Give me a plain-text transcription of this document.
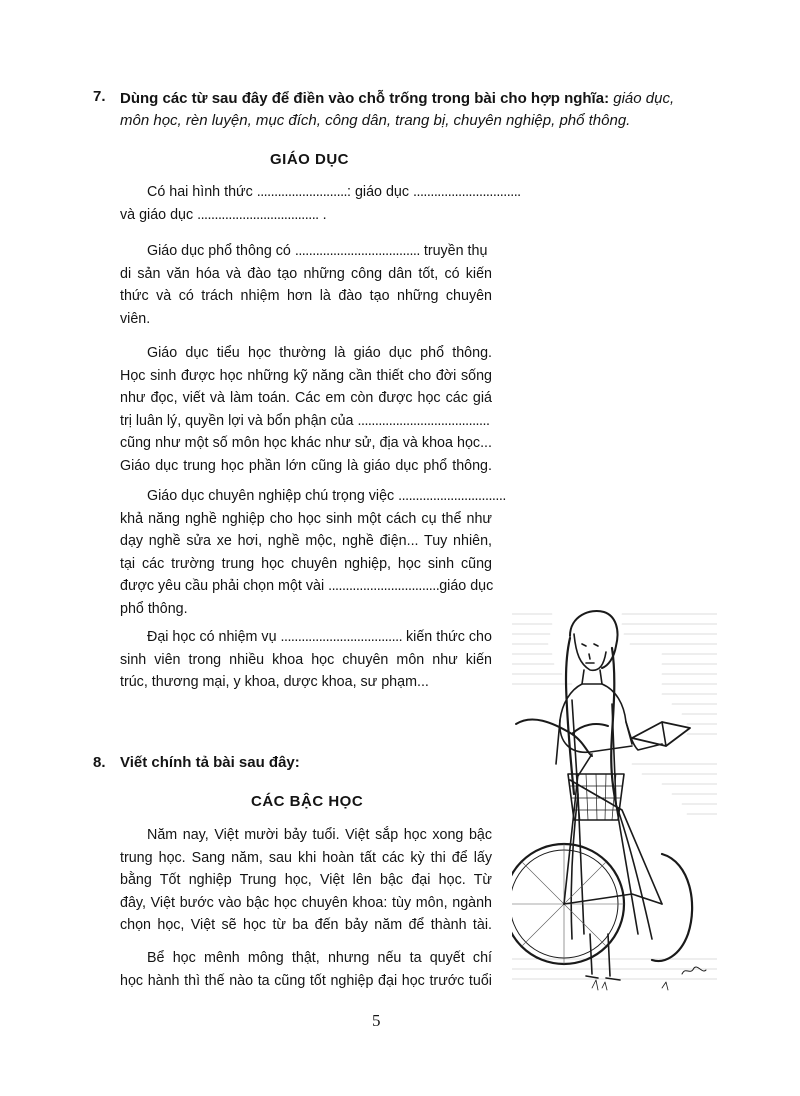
7. Dùng các từ sau đây để điền vào chỗ trống trong bài cho hợp nghĩa: giáo dục, môn học, rèn luyện, mục đích, công dân, trang bị, chuyên nghiệp, phổ thông.
GIÁO DỤC
Có hai hình thức ..........................: giáo dục ...............................
và giáo dục ................................... .
Giáo dục phổ thông có .................................... truyền thụ
di sản văn hóa và đào tạo những công dân tốt, có kiến
thức và có trách nhiệm hơn là đào tạo những chuyên
viên.
Giáo dục tiểu học thường là giáo dục phổ thông.
Học sinh được học những kỹ năng cần thiết cho đời sống
như đọc, viết và làm toán. Các em còn được học các giá
trị luân lý, quyền lợi và bổn phận của ......................................
cũng như một số môn học khác như sử, địa và khoa học...
Giáo dục trung học phần lớn cũng là giáo dục phổ thông.
Giáo dục chuyên nghiệp chú trọng việc ...............................
khả năng nghề nghiệp cho học sinh một cách cụ thể như
dạy nghề sửa xe hơi, nghề mộc, nghề điện... Tuy nhiên,
tại các trường trung học chuyên nghiệp, học sinh cũng
được yêu cầu phải chọn một vài ................................giáo dục
phổ thông.
Đại học có nhiệm vụ ................................... kiến thức cho
sinh viên trong nhiều khoa học chuyên môn như kiến
trúc, thương mại, y khoa, dược khoa, sư phạm...
8. Viết chính tả bài sau đây:
CÁC BẬC HỌC
Năm nay, Việt mười bảy tuổi. Việt sắp học xong bậc
trung học. Sang năm, sau khi hoàn tất các kỳ thi để lấy
bằng Tốt nghiệp Trung học, Việt lên bậc đại học. Từ
đây, Việt bước vào bậc học chuyên khoa: tùy môn, ngành
chọn học, Việt sẽ học từ ba đến bảy năm để thành tài.
Bể học mênh mông thật, nhưng nếu ta quyết chí
học hành thì thế nào ta cũng tốt nghiệp đại học trước tuổi
5
